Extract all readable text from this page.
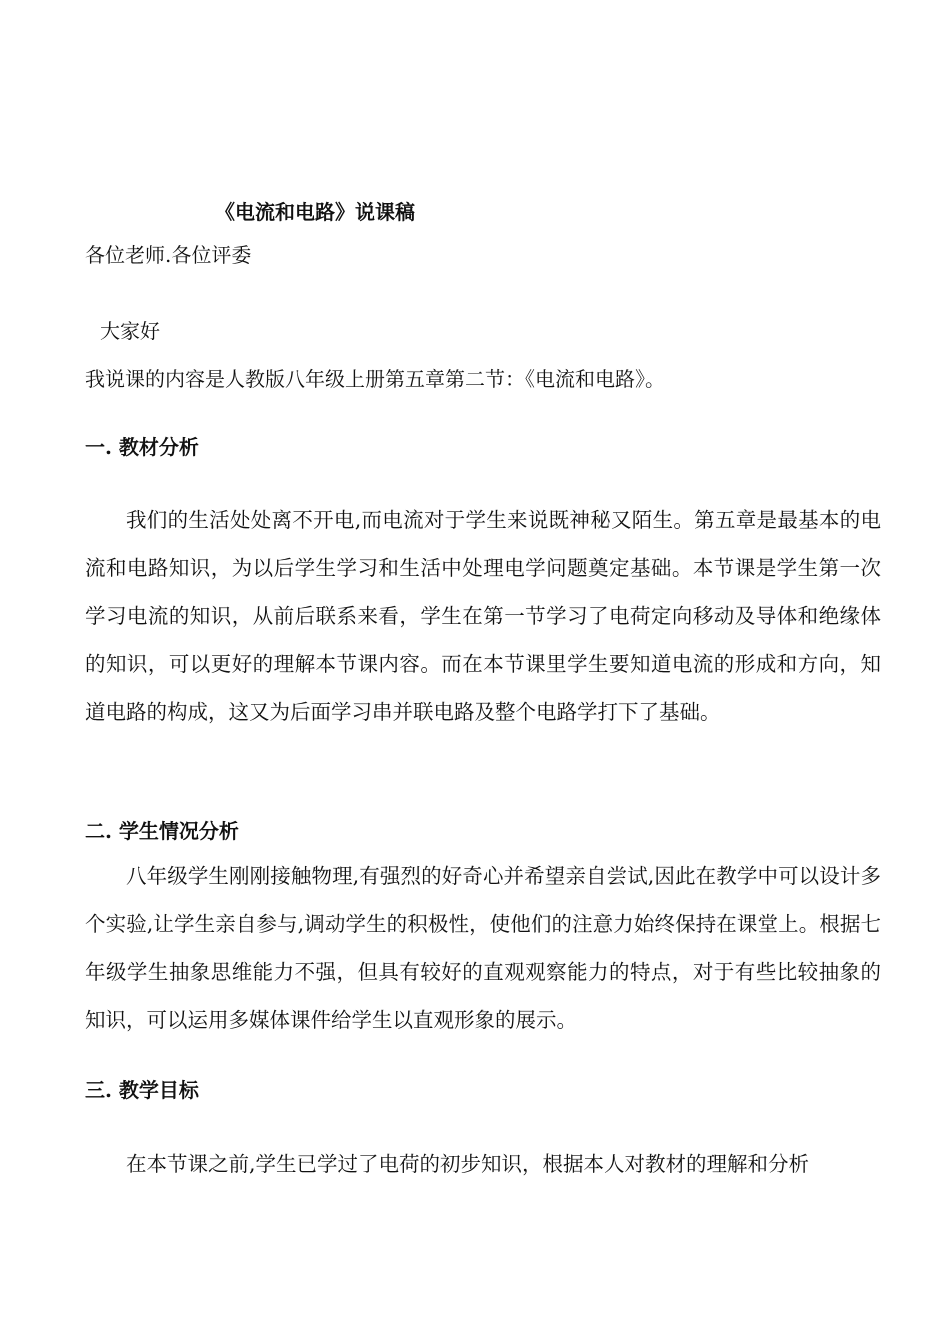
《电流和电路》说课稿
各位老师.各位评委
大家好
我说课的内容是人教版八年级上册第五章第二节：《电流和电路》。
一. 教材分析

我们的生活处处离不开电,而电流对于学生来说既神秘又陌生。第五章是最基本的电流和电路知识，为以后学生学习和生活中处理电学问题奠定基础。本节课是学生第一次学习电流的知识，从前后联系来看，学生在第一节学习了电荷定向移动及导体和绝缘体的知识，可以更好的理解本节课内容。而在本节课里学生要知道电流的形成和方向，知道电路的构成，这又为后面学习串并联电路及整个电路学打下了基础。

二. 学生情况分析

八年级学生刚刚接触物理,有强烈的好奇心并希望亲自尝试,因此在教学中可以设计多个实验,让学生亲自参与,调动学生的积极性，使他们的注意力始终保持在课堂上。根据七年级学生抽象思维能力不强，但具有较好的直观观察能力的特点，对于有些比较抽象的知识，可以运用多媒体课件给学生以直观形象的展示。

三. 教学目标

在本节课之前,学生已学过了电荷的初步知识，根据本人对教材的理解和分析
